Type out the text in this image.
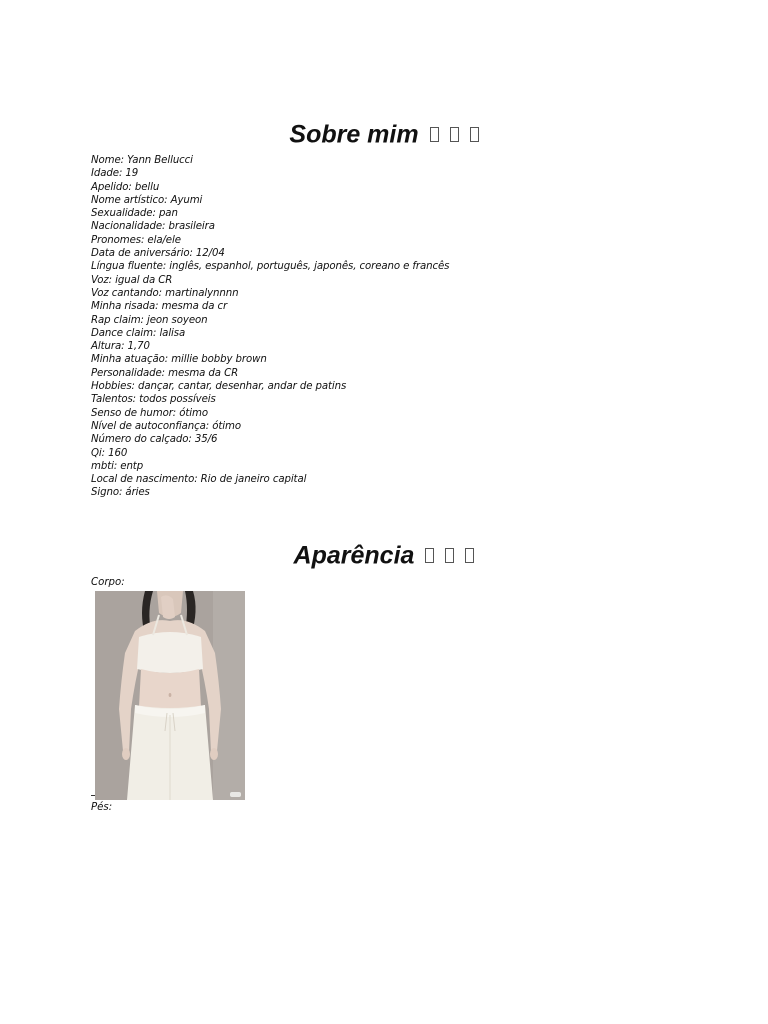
Sobre mim
Nome: Yann Bellucci
Idade: 19
Apelido: bellu
Nome artístico: Ayumi
Sexualidade: pan
Nacionalidade: brasileira
Pronomes: ela/ele
Data de aniversário: 12/04
Língua fluente: inglês, espanhol, português, japonês, coreano e francês
Voz: igual da CR
Voz cantando: martinalynnnn
Minha risada: mesma da cr
Rap claim: jeon soyeon
Dance claim: lalisa
Altura: 1,70
Minha atuação: millie bobby brown
Personalidade: mesma da CR
Hobbies: dançar, cantar, desenhar, andar de patins
Talentos: todos possíveis
Senso de humor: ótimo
Nível de autoconfiança: ótimo
Número do calçado: 35/6
Qi: 160
mbti: entp
Local de nascimento: Rio de janeiro capital
Signo: áries
Aparência
Corpo:
Pés:
